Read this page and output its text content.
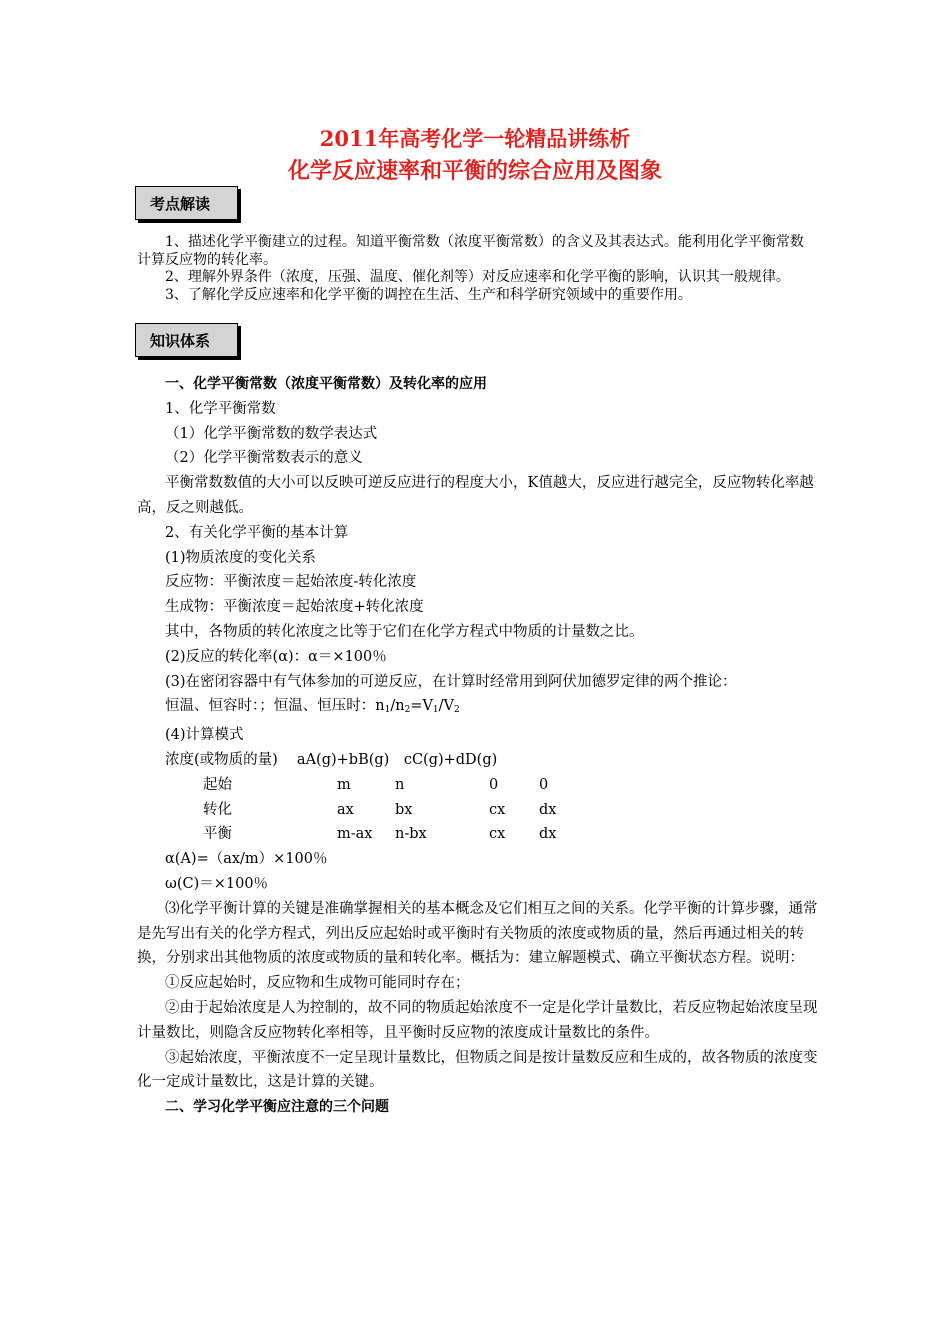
2011年高考化学一轮精品讲练析
化学反应速率和平衡的综合应用及图象
考点解读

1、描述化学平衡建立的过程。知道平衡常数（浓度平衡常数）的含义及其表达式。能利用化学平衡常数计算反应物的转化率。

2、理解外界条件（浓度，压强、温度、催化剂等）对反应速率和化学平衡的影响，认识其一般规律。

3、了解化学反应速率和化学平衡的调控在生活、生产和科学研究领域中的重要作用。

知识体系

一、化学平衡常数（浓度平衡常数）及转化率的应用

1、化学平衡常数

（1）化学平衡常数的数学表达式

（2）化学平衡常数表示的意义

平衡常数数值的大小可以反映可逆反应进行的程度大小，K值越大，反应进行越完全，反应物转化率越高，反之则越低。

2、有关化学平衡的基本计算

(1)物质浓度的变化关系

反应物：平衡浓度＝起始浓度-转化浓度

生成物：平衡浓度＝起始浓度+转化浓度

其中，各物质的转化浓度之比等于它们在化学方程式中物质的计量数之比。

(2)反应的转化率(α)：α＝×100％

(3)在密闭容器中有气体参加的可逆反应，在计算时经常用到阿伏加德罗定律的两个推论：

恒温、恒容时：；恒温、恒压时：$n_1/n_2=V_1/V_2$

(4)计算模式

浓度(或物质的量)　 aA(g)+bB(g)　cC(g)+dD(g)

起始	m	n	0	0
转化	ax	bx	cx dx
平衡	m-ax n-bx	cx dx

α(A)=（ax/m）×100％

ω(C)＝×100％

⑶化学平衡计算的关键是准确掌握相关的基本概念及它们相互之间的关系。化学平衡的计算步骤，通常是先写出有关的化学方程式，列出反应起始时或平衡时有关物质的浓度或物质的量，然后再通过相关的转换，分别求出其他物质的浓度或物质的量和转化率。概括为：建立解题模式、确立平衡状态方程。说明：

①反应起始时，反应物和生成物可能同时存在；

②由于起始浓度是人为控制的，故不同的物质起始浓度不一定是化学计量数比，若反应物起始浓度呈现计量数比，则隐含反应物转化率相等，且平衡时反应物的浓度成计量数比的条件。

③起始浓度，平衡浓度不一定呈现计量数比，但物质之间是按计量数反应和生成的，故各物质的浓度变化一定成计量数比，这是计算的关键。

二、学习化学平衡应注意的三个问题
